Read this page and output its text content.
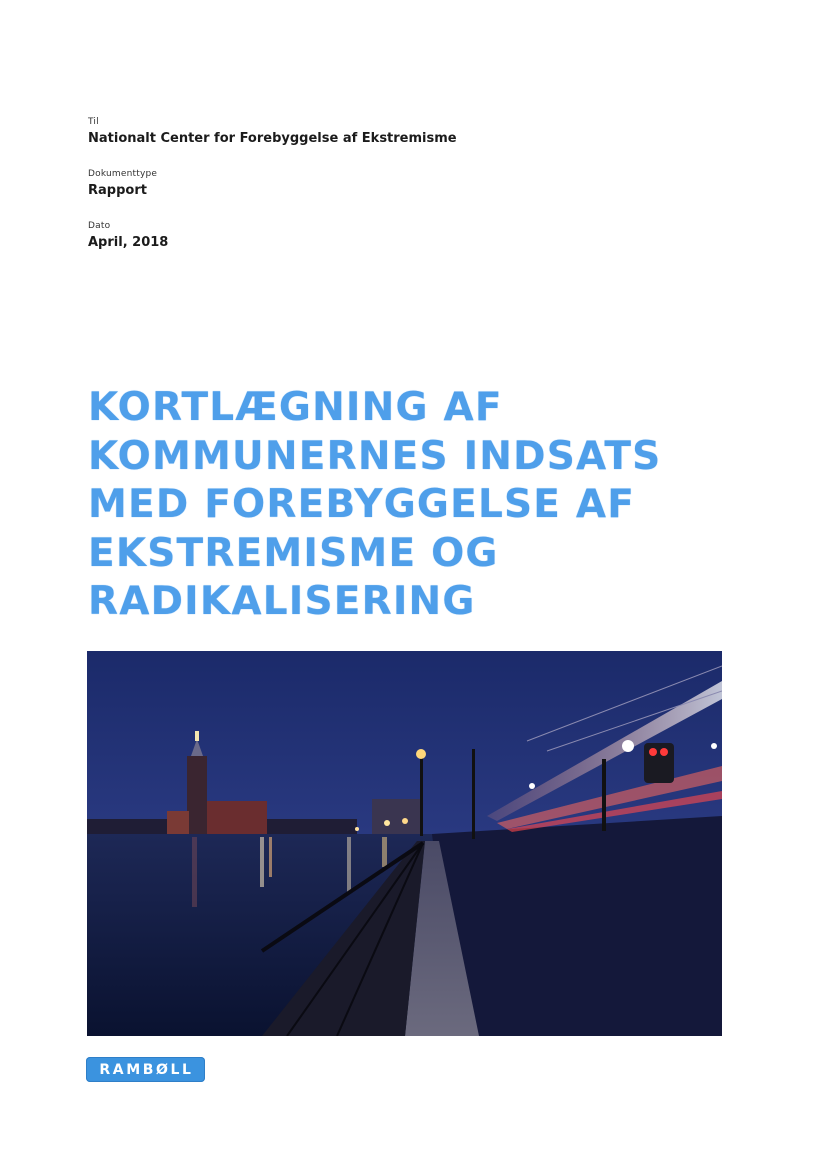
Til
Nationalt Center for Forebyggelse af Ekstremisme
Dokumenttype
Rapport
Dato
April, 2018
KORTLÆGNING AF
KOMMUNERNES INDSATS
MED FOREBYGGELSE AF
EKSTREMISME OG
RADIKALISERING
RAMBØLL
